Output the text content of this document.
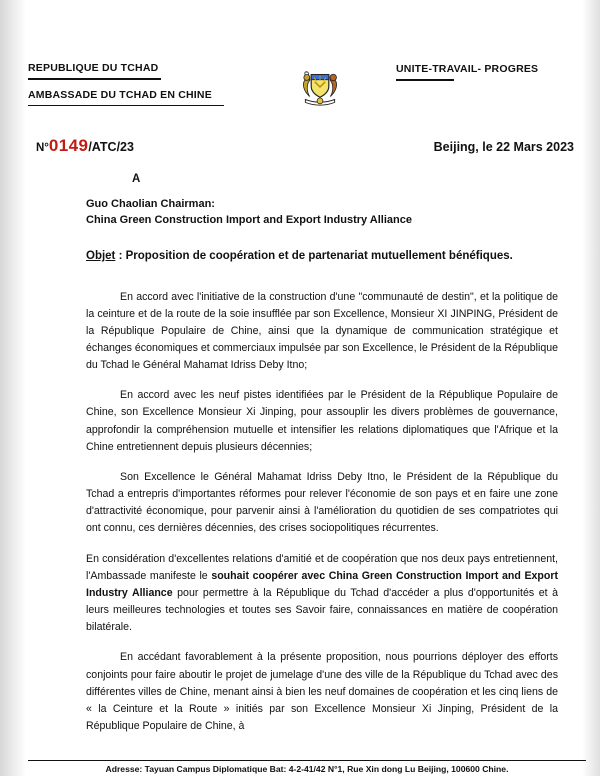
REPUBLIQUE DU TCHAD
AMBASSADE DU TCHAD EN CHINE
UNITE-TRAVAIL- PROGRES
N°0149/ATC/23	Beijing, le 22 Mars 2023
A
Guo Chaolian Chairman:
China Green Construction Import and Export Industry Alliance
Objet : Proposition de coopération et de partenariat mutuellement bénéfiques.

En accord avec l'initiative de la construction d'une "communauté de destin", et la politique de la ceinture et de la route de la soie insufflée par son Excellence, Monsieur XI JINPING, Président de la République Populaire de Chine, ainsi que la dynamique de communication stratégique et échanges économiques et commerciaux impulsée par son Excellence, le Président de la République du Tchad le Général Mahamat Idriss Deby Itno;

En accord avec les neuf pistes identifiées par le Président de la République Populaire de Chine, son Excellence Monsieur Xi Jinping, pour assouplir les divers problèmes de gouvernance, approfondir la compréhension mutuelle et intensifier les relations diplomatiques que l'Afrique et la Chine entretiennent depuis plusieurs décennies;

Son Excellence le Général Mahamat Idriss Deby Itno, le Président de la République du Tchad a entrepris d'importantes réformes pour relever l'économie de son pays et en faire une zone d'attractivité économique, pour parvenir ainsi à l'amélioration du quotidien de ses compatriotes qui ont connu, ces dernières décennies, des crises sociopolitiques récurrentes.

En considération d'excellentes relations d'amitié et de coopération que nos deux pays entretiennent, l'Ambassade manifeste le souhait coopérer avec China Green Construction Import and Export Industry Alliance pour permettre à la République du Tchad d'accéder a plus d'opportunités et à leurs meilleures technologies et toutes ses Savoir faire, connaissances en matière de coopération bilatérale.

En accédant favorablement à la présente proposition, nous pourrions déployer des efforts conjoints pour faire aboutir le projet de jumelage d'une des ville de la République du Tchad avec des différentes villes de Chine, menant ainsi à bien les neuf domaines de coopération et les cinq liens de « la Ceinture et la Route » initiés par son Excellence Monsieur Xi Jinping, Président de la République Populaire de Chine, à

Adresse: Tayuan Campus Diplomatique Bat: 4-2-41/42 N°1, Rue Xin dong Lu Beijing, 100600 Chine.
